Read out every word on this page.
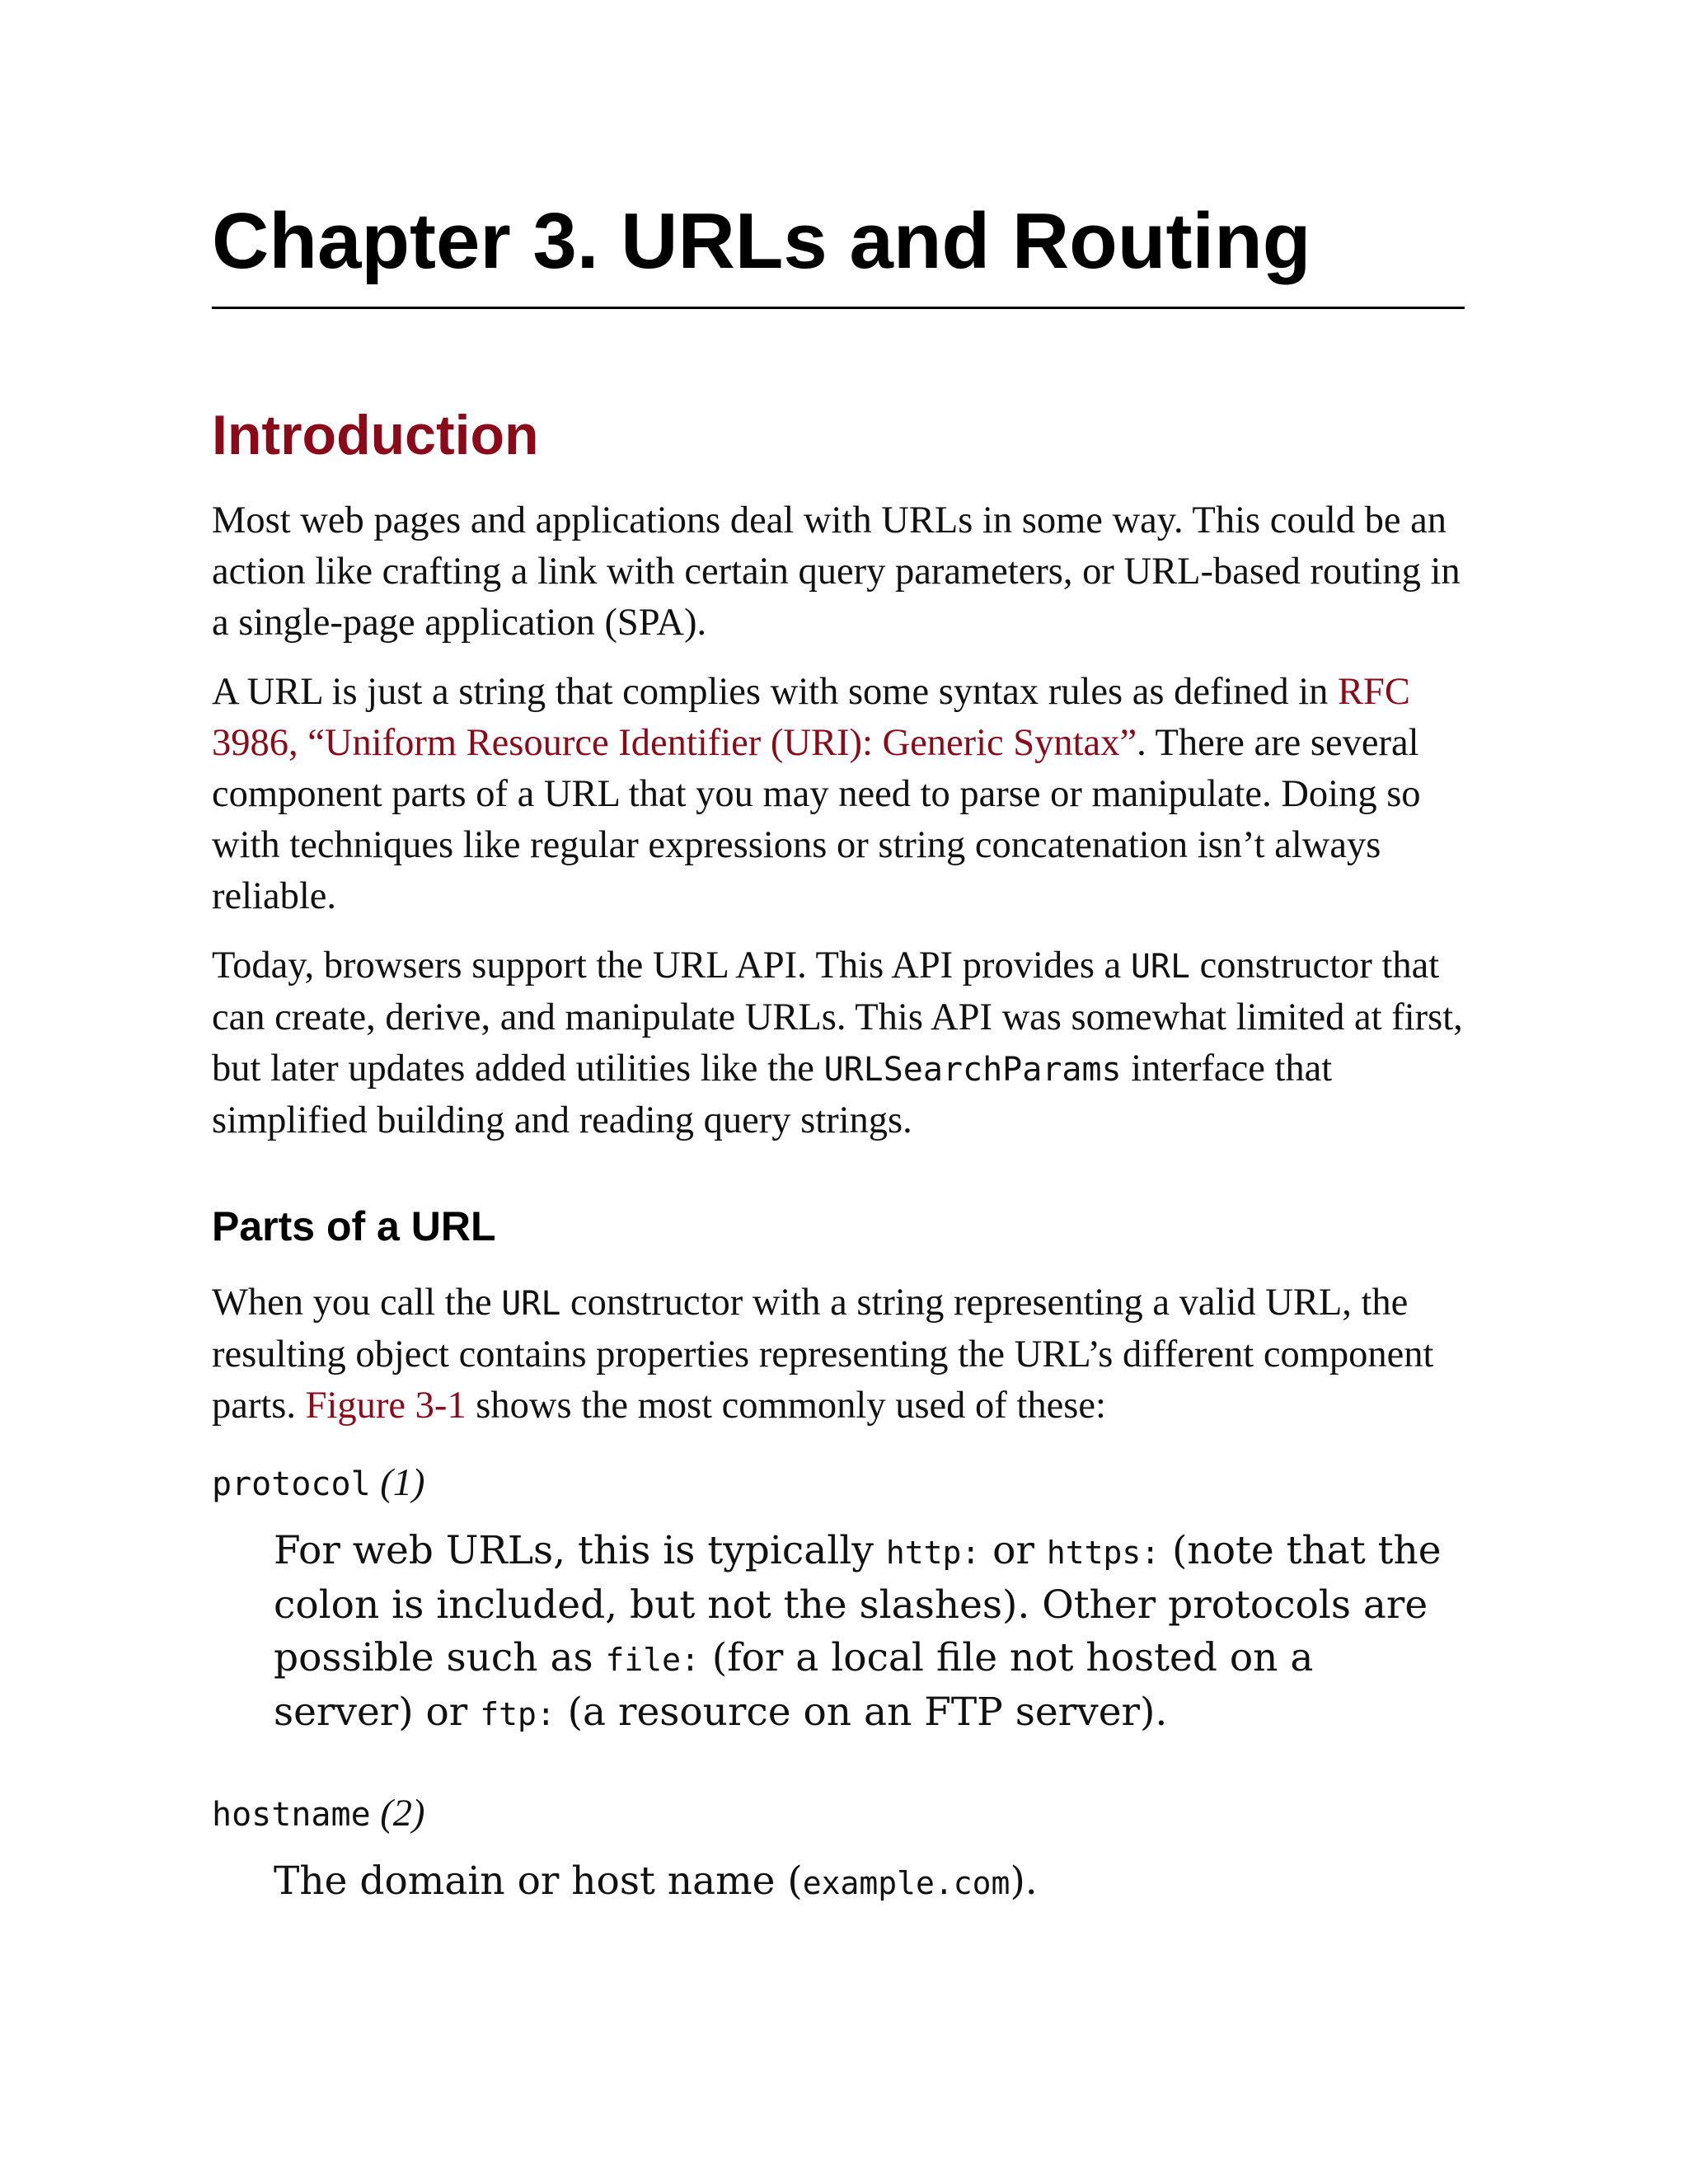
Chapter 3. URLs and Routing
Introduction

Most web pages and applications deal with URLs in some way. This could be an action like crafting a link with certain query parameters, or URL-based routing in a single-page application (SPA).

A URL is just a string that complies with some syntax rules as defined in RFC 3986, “Uniform Resource Identifier (URI): Generic Syntax”. There are several component parts of a URL that you may need to parse or manipulate. Doing so with techniques like regular expressions or string concatenation isn’t always reliable.

Today, browsers support the URL API. This API provides a URL constructor that can create, derive, and manipulate URLs. This API was somewhat limited at first, but later updates added utilities like the URLSearchParams interface that simplified building and reading query strings.

Parts of a URL

When you call the URL constructor with a string representing a valid URL, the resulting object contains properties representing the URL’s different component parts. Figure 3-1 shows the most commonly used of these:

protocol (1)
For web URLs, this is typically http: or https: (note that the colon is included, but not the slashes). Other protocols are possible such as file: (for a local file not hosted on a server) or ftp: (a resource on an FTP server).
hostname (2)
The domain or host name (example.com).
